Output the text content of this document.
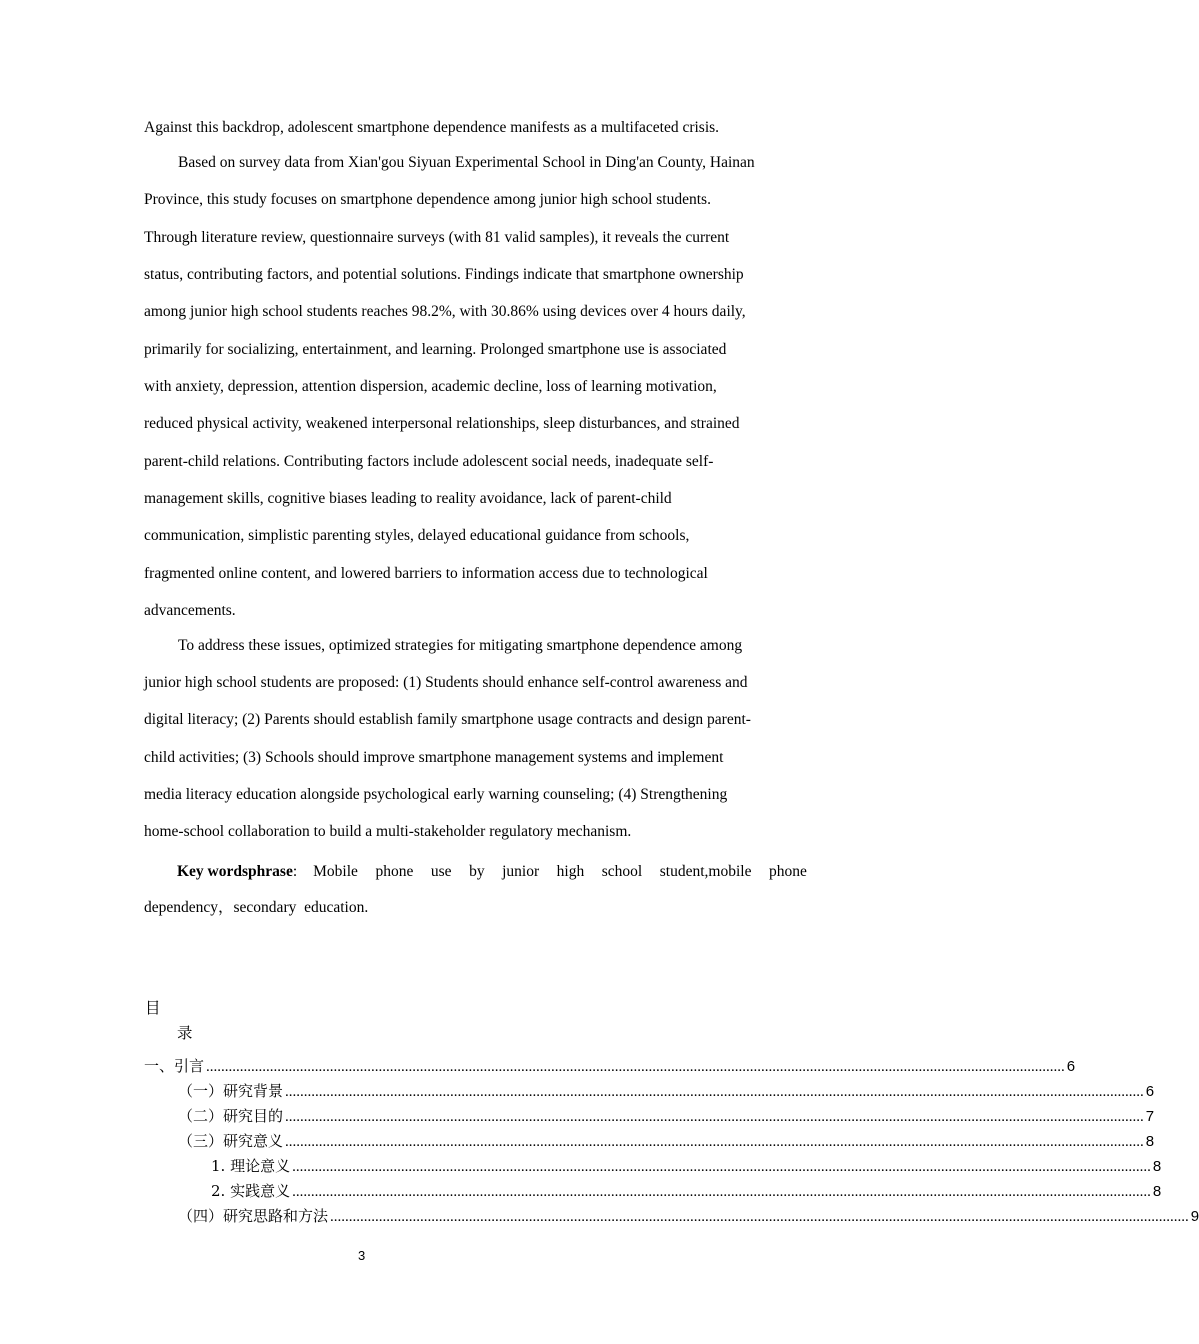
Against this backdrop, adolescent smartphone dependence manifests as a multifaceted crisis.
Based on survey data from Xian'gou Siyuan Experimental School in Ding'an County, Hainan
Province, this study focuses on smartphone dependence among junior high school students.
Through literature review, questionnaire surveys (with 81 valid samples), it reveals the current
status, contributing factors, and potential solutions. Findings indicate that smartphone ownership
among junior high school students reaches 98.2%, with 30.86% using devices over 4 hours daily,
primarily for socializing, entertainment, and learning. Prolonged smartphone use is associated
with anxiety, depression, attention dispersion, academic decline, loss of learning motivation,
reduced physical activity, weakened interpersonal relationships, sleep disturbances, and strained
parent-child relations. Contributing factors include adolescent social needs, inadequate self-
management skills, cognitive biases leading to reality avoidance, lack of parent-child
communication, simplistic parenting styles, delayed educational guidance from schools,
fragmented online content, and lowered barriers to information access due to technological
advancements.
To address these issues, optimized strategies for mitigating smartphone dependence among
junior high school students are proposed: (1) Students should enhance self-control awareness and
digital literacy; (2) Parents should establish family smartphone usage contracts and design parent-
child activities; (3) Schools should improve smartphone management systems and implement
media literacy education alongside psychological early warning counseling; (4) Strengthening
home-school collaboration to build a multi-stakeholder regulatory mechanism.
Key wordsphrase: Mobile phone use by junior high school student,mobile phone
dependency，secondary  education.
目
录
一、引言 ..................................................................................................................................................................................................................................... 6
（一）研究背景 ..................................................................................................................................................................................................................................... 6
（二）研究目的 ..................................................................................................................................................................................................................................... 7
（三）研究意义 ..................................................................................................................................................................................................................................... 8
1. 理论意义 ..................................................................................................................................................................................................................................... 8
2. 实践意义 ..................................................................................................................................................................................................................................... 8
（四）研究思路和方法 ..................................................................................................................................................................................................................................... 9
3
